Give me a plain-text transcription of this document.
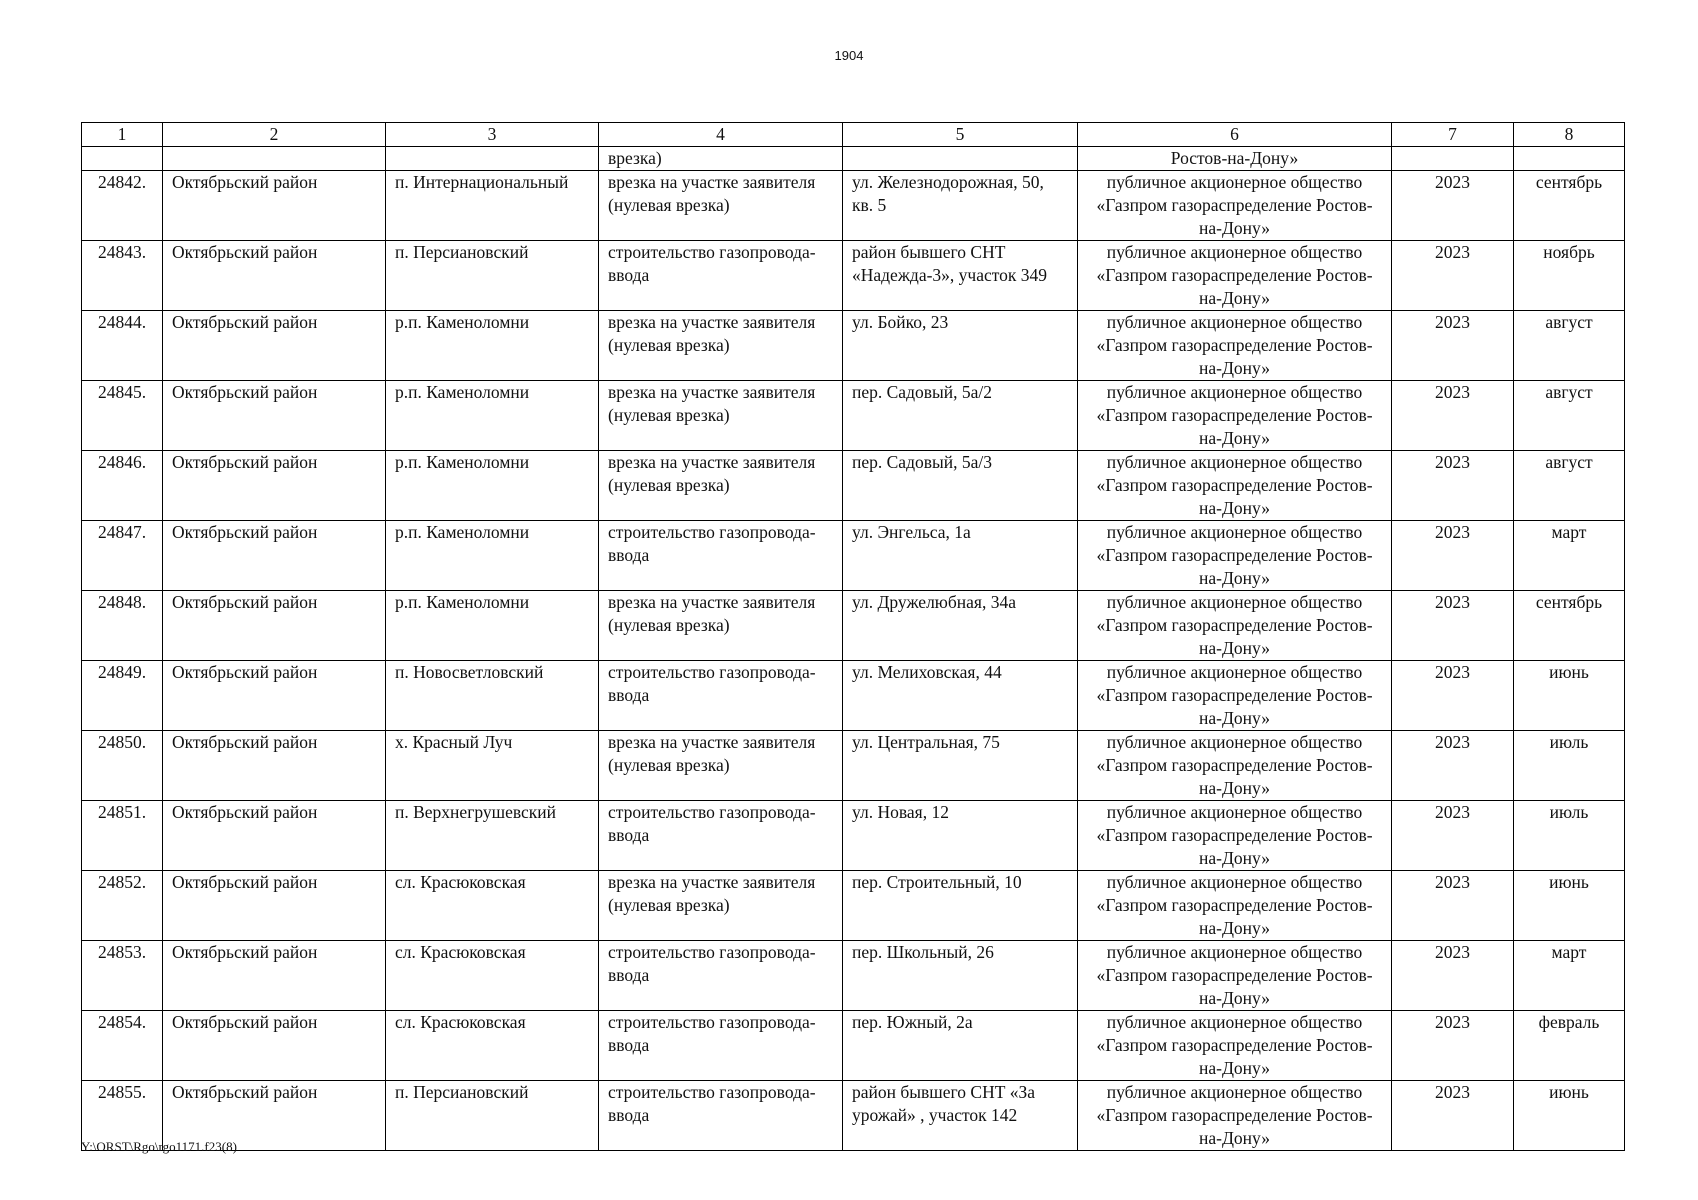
1904
1	2	3	4	5	6	7	8
			врезка)		Ростов-на-Дону»		
24842.	Октябрьский район	п. Интернациональный	врезка на участке заявителя (нулевая врезка)	ул. Железнодорожная, 50, кв. 5	публичное акционерное общество «Газпром газораспределение Ростов-на-Дону»	2023	сентябрь
24843.	Октябрьский район	п. Персиановский	строительство газопровода-ввода	район бывшего СНТ «Надежда-3», участок 349	публичное акционерное общество «Газпром газораспределение Ростов-на-Дону»	2023	ноябрь
24844.	Октябрьский район	р.п. Каменоломни	врезка на участке заявителя (нулевая врезка)	ул. Бойко, 23	публичное акционерное общество «Газпром газораспределение Ростов-на-Дону»	2023	август
24845.	Октябрьский район	р.п. Каменоломни	врезка на участке заявителя (нулевая врезка)	пер. Садовый, 5а/2	публичное акционерное общество «Газпром газораспределение Ростов-на-Дону»	2023	август
24846.	Октябрьский район	р.п. Каменоломни	врезка на участке заявителя (нулевая врезка)	пер. Садовый, 5а/3	публичное акционерное общество «Газпром газораспределение Ростов-на-Дону»	2023	август
24847.	Октябрьский район	р.п. Каменоломни	строительство газопровода-ввода	ул. Энгельса, 1а	публичное акционерное общество «Газпром газораспределение Ростов-на-Дону»	2023	март
24848.	Октябрьский район	р.п. Каменоломни	врезка на участке заявителя (нулевая врезка)	ул. Дружелюбная, 34а	публичное акционерное общество «Газпром газораспределение Ростов-на-Дону»	2023	сентябрь
24849.	Октябрьский район	п. Новосветловский	строительство газопровода-ввода	ул. Мелиховская, 44	публичное акционерное общество «Газпром газораспределение Ростов-на-Дону»	2023	июнь
24850.	Октябрьский район	х. Красный Луч	врезка на участке заявителя (нулевая врезка)	ул. Центральная, 75	публичное акционерное общество «Газпром газораспределение Ростов-на-Дону»	2023	июль
24851.	Октябрьский район	п. Верхнегрушевский	строительство газопровода-ввода	ул. Новая, 12	публичное акционерное общество «Газпром газораспределение Ростов-на-Дону»	2023	июль
24852.	Октябрьский район	сл. Красюковская	врезка на участке заявителя (нулевая врезка)	пер. Строительный, 10	публичное акционерное общество «Газпром газораспределение Ростов-на-Дону»	2023	июнь
24853.	Октябрьский район	сл. Красюковская	строительство газопровода-ввода	пер. Школьный, 26	публичное акционерное общество «Газпром газораспределение Ростов-на-Дону»	2023	март
24854.	Октябрьский район	сл. Красюковская	строительство газопровода-ввода	пер. Южный, 2а	публичное акционерное общество «Газпром газораспределение Ростов-на-Дону»	2023	февраль
24855.	Октябрьский район	п. Персиановский	строительство газопровода-ввода	район бывшего СНТ «За урожай» , участок 142	публичное акционерное общество «Газпром газораспределение Ростов-на-Дону»	2023	июнь
Y:\ORST\Rgo\rgo1171.f23(8)
